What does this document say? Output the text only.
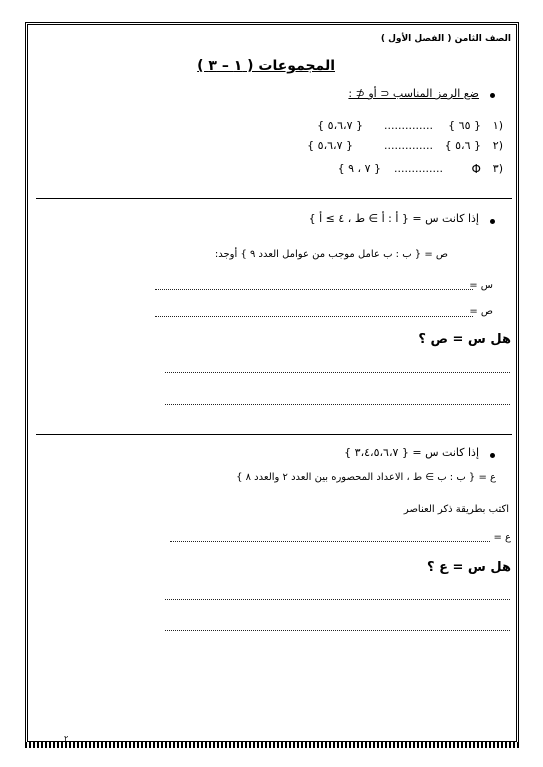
الصف الثامن ( الفصل الأول )
المجموعات ( ١ – ٣ )
ضع الرمز المناسب ⊂ أو ⊄ :
١)
{ ٦٥ }
..............
{ ٥،٦،٧ }
٢)
{ ٥،٦ }
..............
{ ٥،٦،٧ }
٣)
Φ
..............
{ ٧ ، ٩ }
إذا كانت س = { أ : أ ∋ ط ، ٤ ≥ أ }
ص = { ب : ب عامل موجب من عوامل العدد ٩ } أوجد:
س =
ص =
هل س = ص ؟
إذا كانت س = { ٣،٤،٥،٦،٧ }
ع = { ب : ب ∋ ط ، الاعداد المحصوره بين العدد ٢ والعدد ٨ }
اكتب بطريقة ذكر العناصر
ع =
هل س = ع ؟
٢
